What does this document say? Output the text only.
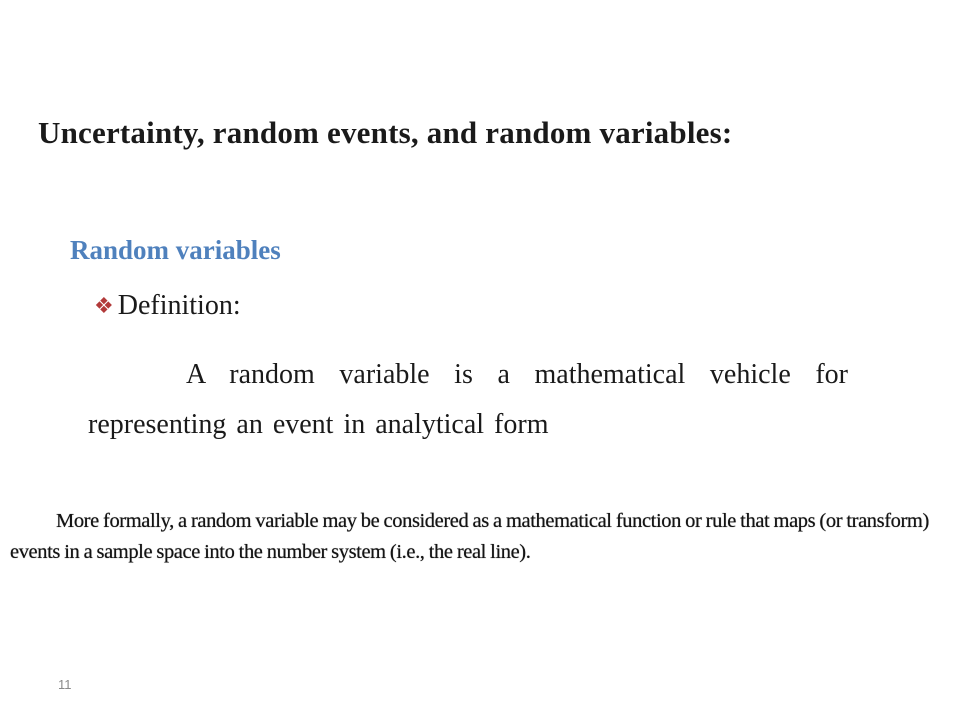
Uncertainty, random events, and random variables:
Random variables
❖ Definition:

A random variable is a mathematical vehicle for representing an event in analytical form

More formally, a random variable may be considered as a mathematical function or rule that maps (or transform) events in a sample space into the number system (i.e., the real line).

11
